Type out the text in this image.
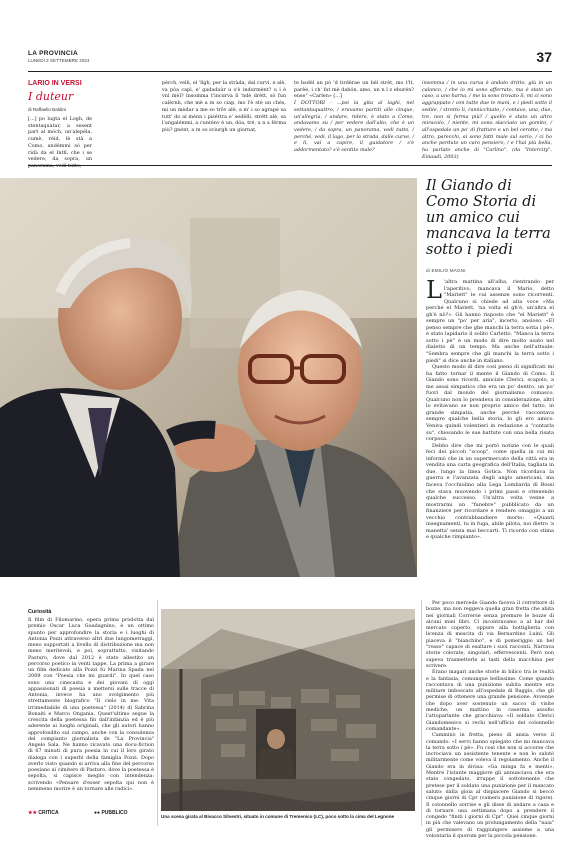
LA PROVINCIA
LUNEDÌ 2 SETTEMBRE 2024	37
LARIO IN VERSI
I duteur
di Raffaello Baldini
[...] po lugta el Logh, de stentaquàtar, a sesent part al mòch, un'alepèla, cumè, réid, lè stà a Como, andémmi só per ridà da el Intll, che i se vedere, da sopra, un panorama, vedì tutto,
pèrch, velli, el 'llgh, per la stràda, dal curvi, e alè, va pòa capì, e' gadadaùr u s'è indurmènt? u i è vnì mèl? insomma t'incurva lì 'ndè drètt, sò fun calèrnh, che mè a m so ciap, mo l'è stè un chès, mi un mèdar a me so trōv alè, a m' i so agrapè sa tutt' do al mènn i piséttra e' sedèlli, strétt alè, sa l'angalémmi, a cunténv è un, dóa, tré, u n a férma più? gnént, a m so sciurgh un giornat,
te bsdèl un pò 'd tirdèrae un bél strèt, mo t'lt, parèe, i ch' fat mè dabón, amo, un n l z eburén?ense" «Carlen» [...]
I DOTTORI · ...poi la gita al laghi, nel settantaquattro, / eravamo partiti alle cinque, un'allegria, / andare, ridere, è stato a Como, andavamo su / per vedere dall'alto, che è un vedere, / da sopra, un panorama, vedi tutto, / perché, vedi, il lago, per la strada, dalle curve, / e lì, vai a capire, il guidatore / s'è addormentato? s'è sentito male?
insomma / in una curva è andato dritto, giù in un calanco, / che io mi sono afferrato, ma è stato un caso, a uno harna, / me la sono trovato lì, mi ci sono aggrappato / con tutte due le mani, e i piedi sotto il sedile, / stretto lì, rannicchiato, / contavo, una, due, tre, non si ferma più? / quello è stato un altro miracolo, / niente, mi sono slacciato un gomito, / all'ospedale un po' di fratture e un bel cerotto, / ma altro, parecchi, ai sono fatti male sul serio, / ci ho anche perduto un caro pensiero, / e l'hai più bella, ha parlato anche di "Carlino". (da "Intercity", Einaudi, 2003)
Il Giando di Como Storia di un amico cui mancava la terra sotto i piedi
di EMILIO MAGNI

L 'altra mattina all'alba, rientrando per l'aperitivo, mancava il Mario, detto "Mariett" le cui assenze sono ricorrenti. Qualcuno si chiede ad alta voce «Ma perché el Mariett, 'na volta el gh'è, un'altra el gh'è nò?». Gli hanno risposto che "el Mariett" è sempre un "po' per aria", incerto, ansioso. «El penso sempre che ghe manchi la terra sotta i pè», è stato lapidario il solito Carletto. "Manca la terra sotto i pè" è un modo di dire molto usato nel dialetto di un tempo. Ma anche nell'attuale: "Sembra sempre che gli manchi la terra sotto i piedi" si dice anche in italiano.

Questo modo di dire così pieno di significati mi ha fatto tornar il mente il Giando di Como. Il Giando sono ricordi, amicizie Clerici, scapolo, a me assai simpatico che era un po' dentro, un po' fuori dal mondo del giornalismo comasco. Qualcuno non lo prendeva in considerazione, altri lo evitavano se non proprio amico del tutto, in grande simpatia, anche perché raccontava sempre qualche bella storia, lo gli ero amico. Veniva quindi volentieri in redazione a "contarla su", chiosando le sue battute con una bella risata corposa.

Debbo dire che mi portò notizie con le quali feci dei piccoli "scoop", come quella in cui mi informò che in un supermercato della città era in vendita una carta geografica dell'Italia, tagliata in due, lungo la linea Gotica. Non ricordava la guerra e l'avanzata degli anglo americani, ma faceva l'occhiolino alla Lega Lombarda di Bossi che stava muovendo i primi passi e ottenendo qualche successo. Un'altra volta venne a mostrarmi un "funebre" pubblicato da un finanziere per ricordare e rendere omaggio a un vecchio contrabbandiere morto: «Quanti insegnamenti, tu in fuga, abile pilota, noi dietro 'a manetta' senza mai beccarti. Ti ricordo con stima e qualche rimpianto».

Per poco mercede Giando faceva il correttore di bozze, ma non reggeva quella gran fretta che abita nei giornali Correrse senza premure le bozze di alcuni miei libri. Ci incontravamo a al bar del mercato coperto, oppure alla bottiglieria con licenza di mescita di via Bernardino Luini. Gli piaceva il "bianchino", e di pomeriggio un bel "rosso" capace di esaltare i suoi racconti. Narrava storie colorate, singolari, effervescenti. Però non sapeva trasmetterle ai tasti della macchina per scrivere.

Erano magari anche storie in bilico tra le realtà e la fantasia, comunque bellissime. Come quando raccontava di una punizione subita mentre era militare imboscato all'ospedale di Baggio, che gli permise di ottenere una grande pensione. Avvenne che dopo aver sostenuto un sacco di visite mediche, un mattino in caserma assolto l'attoparlante che gracchiava: «Il soldato Clerici Giandomenico si rechi nell'ufficio del colonnello comandante».

Camminò in fretta, pieno di ansia verso il comando. «I servi hanno spiegato che mi mancava la terra sotto i pè». Fu così che non si accorse che incrociava un assistente tenente e non lo salutò militarmente come voleva il regolamento. Anche il Giando era in divisa: «Ga minga fa e menti». Mentre l'istante maggiore gli annunciava che era stato congedato, irruppe il sottotenente che pretese per il soldato una punizione per il mancato saluto: dalla gioia al dispiacere Giando si beccò cinque giorni di Cpr (camera punizione di rigore). Il colonnello sorrise e gli disse di andare a casa e di tornare una settimana dopo a prendere il congedo "finiti i giorni di Cpr". Quei cinque giorni in più che valevano un prolungamento della "naia" gli permisero di raggiungere assieme a una volontaria il quorum per la piccola pensione.

Curiosità
Il film di Filomarino, opera prima prodotta dal premio Oscar Luca Guadagnino, è un ottimo spunto per approfondire la storia e i luoghi di Antonia Pozzi attraverso altri due lungometraggi, meno supportati a livello di distribuzione ma non meno meritevoli, e poi, soprattutto, visitando Pasturo, dove dal 2012 è stato allestito un percorso poetico in venti tappe. La prima a girare un film dedicato alla Pozzi fu Marina Spada nel 2009 con "Poesia che mi guardi". In quel caso sono una cinecasta e dei giovani di oggi appassionati di poesia a mettersi sulle tracce di Antonia, invece ha uno svolgimento più strettamente biografico "Il cielo in me. Vita irrimediabile di una poetessa" (2014) di Sabrina Bonaiti e Marco Ongania. Quest'ultimo segue la crescita della poetessa fin dall'infanzia ed è più aderente ai luoghi originali, che gli autori hanno approfondito sul campo, anche con la consulenza del compianto giornalista de "La Provincia" Angelo Sala. Ne hanno ricavato una docu-fiction di 67 minuti di pura poesia in cui il loro girato dialoga con i superbi della famiglia Pozzi. Dopo averlo visto quando si arriva alla fine del percorso poesiano ai cimitero di Pasturo, dove la poetessa è sepolta, si capisce meglio con intendenza: scrivendo «Pensare d'esser sepolta qui non è nemmeno morire è un tornare alle radici».
★★ CRITICA	●● PUBBLICO
Una scena girata al Bivacco Silvestri, situato in comune di Tremenico (LC), poco sotto la cima del Legnone
